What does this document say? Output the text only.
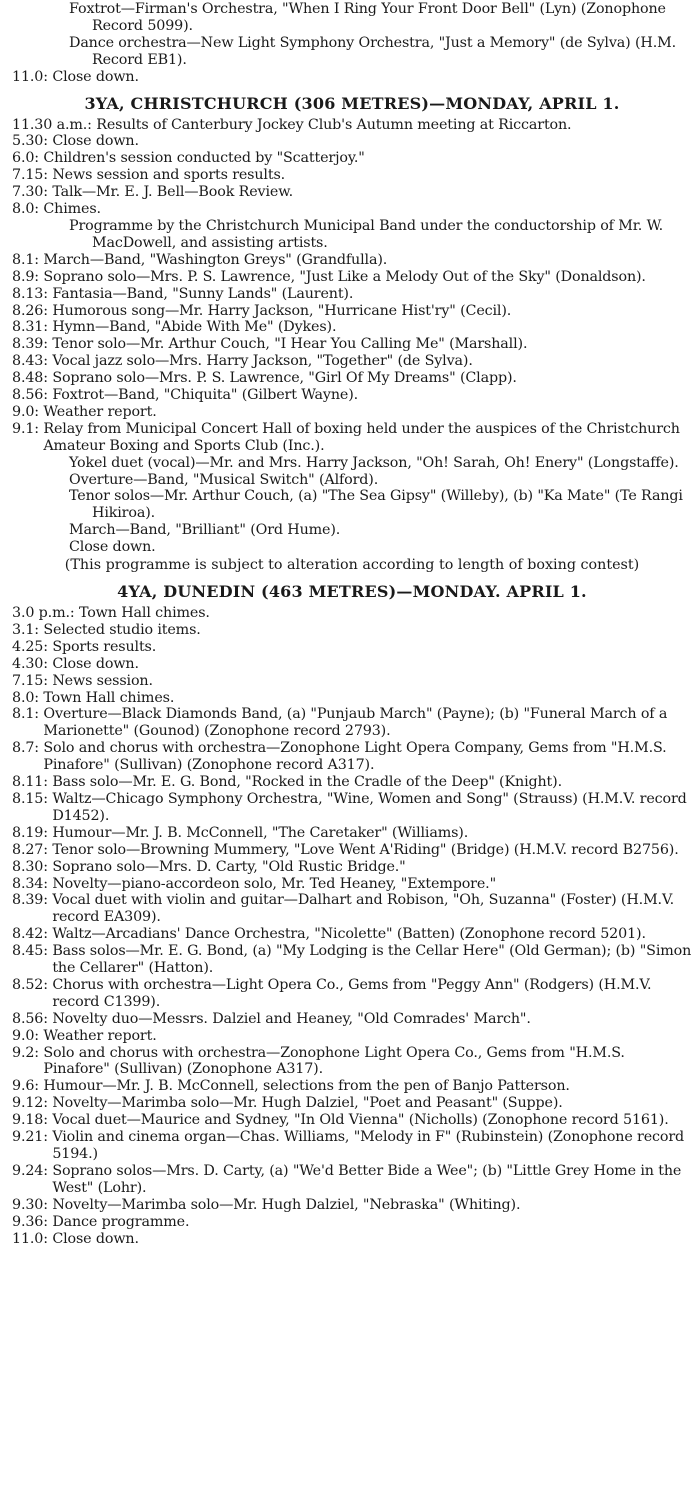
Foxtrot—Firman's Orchestra, "When I Ring Your Front Door Bell" (Lyn) (Zonophone Record 5099).
Dance orchestra—New Light Symphony Orchestra, "Just a Memory" (de Sylva) (H.M. Record EB1).
11.0:
Close down.
3YA, CHRISTCHURCH (306 METRES)—MONDAY, APRIL 1.
11.30 a.m.:
Results of Canterbury Jockey Club's Autumn meeting at Riccarton.
5.30:
Close down.
6.0:
Children's session conducted by "Scatterjoy."
7.15:
News session and sports results.
7.30:
Talk—Mr. E. J. Bell—Book Review.
8.0:
Chimes.
Programme by the Christchurch Municipal Band under the conductorship of Mr. W. MacDowell, and assisting artists.
8.1:
March—Band, "Washington Greys" (Grandfulla).
8.9:
Soprano solo—Mrs. P. S. Lawrence, "Just Like a Melody Out of the Sky" (Donaldson).
8.13:
Fantasia—Band, "Sunny Lands" (Laurent).
8.26:
Humorous song—Mr. Harry Jackson, "Hurricane Hist'ry" (Cecil).
8.31:
Hymn—Band, "Abide With Me" (Dykes).
8.39:
Tenor solo—Mr. Arthur Couch, "I Hear You Calling Me" (Marshall).
8.43:
Vocal jazz solo—Mrs. Harry Jackson, "Together" (de Sylva).
8.48:
Soprano solo—Mrs. P. S. Lawrence, "Girl Of My Dreams" (Clapp).
8.56:
Foxtrot—Band, "Chiquita" (Gilbert Wayne).
9.0:
Weather report.
9.1:
Relay from Municipal Concert Hall of boxing held under the auspices of the Christchurch Amateur Boxing and Sports Club (Inc.).
Yokel duet (vocal)—Mr. and Mrs. Harry Jackson, "Oh! Sarah, Oh! Enery" (Longstaffe).
Overture—Band, "Musical Switch" (Alford).
Tenor solos—Mr. Arthur Couch, (a) "The Sea Gipsy" (Willeby), (b) "Ka Mate" (Te Rangi Hikiroa).
March—Band, "Brilliant" (Ord Hume).
Close down.
(This programme is subject to alteration according to length of boxing contest)
4YA, DUNEDIN (463 METRES)—MONDAY. APRIL 1.
3.0 p.m.:
Town Hall chimes.
3.1:
Selected studio items.
4.25:
Sports results.
4.30:
Close down.
7.15:
News session.
8.0:
Town Hall chimes.
8.1:
Overture—Black Diamonds Band, (a) "Punjaub March" (Payne); (b) "Funeral March of a Marionette" (Gounod) (Zonophone record 2793).
8.7:
Solo and chorus with orchestra—Zonophone Light Opera Company, Gems from "H.M.S. Pinafore" (Sullivan) (Zonophone record A317).
8.11:
Bass solo—Mr. E. G. Bond, "Rocked in the Cradle of the Deep" (Knight).
8.15:
Waltz—Chicago Symphony Orchestra, "Wine, Women and Song" (Strauss) (H.M.V. record D1452).
8.19:
Humour—Mr. J. B. McConnell, "The Caretaker" (Williams).
8.27:
Tenor solo—Browning Mummery, "Love Went A'Riding" (Bridge) (H.M.V. record B2756).
8.30:
Soprano solo—Mrs. D. Carty, "Old Rustic Bridge."
8.34:
Novelty—piano-accordeon solo, Mr. Ted Heaney, "Extempore."
8.39:
Vocal duet with violin and guitar—Dalhart and Robison, "Oh, Suzanna" (Foster) (H.M.V. record EA309).
8.42:
Waltz—Arcadians' Dance Orchestra, "Nicolette" (Batten) (Zonophone record 5201).
8.45:
Bass solos—Mr. E. G. Bond, (a) "My Lodging is the Cellar Here" (Old German); (b) "Simon the Cellarer" (Hatton).
8.52:
Chorus with orchestra—Light Opera Co., Gems from "Peggy Ann" (Rodgers) (H.M.V. record C1399).
8.56:
Novelty duo—Messrs. Dalziel and Heaney, "Old Comrades' March".
9.0:
Weather report.
9.2:
Solo and chorus with orchestra—Zonophone Light Opera Co., Gems from "H.M.S. Pinafore" (Sullivan) (Zonophone A317).
9.6:
Humour—Mr. J. B. McConnell, selections from the pen of Banjo Patterson.
9.12:
Novelty—Marimba solo—Mr. Hugh Dalziel, "Poet and Peasant" (Suppe).
9.18:
Vocal duet—Maurice and Sydney, "In Old Vienna" (Nicholls) (Zonophone record 5161).
9.21:
Violin and cinema organ—Chas. Williams, "Melody in F" (Rubinstein) (Zonophone record 5194.)
9.24:
Soprano solos—Mrs. D. Carty, (a) "We'd Better Bide a Wee"; (b) "Little Grey Home in the West" (Lohr).
9.30:
Novelty—Marimba solo—Mr. Hugh Dalziel, "Nebraska" (Whiting).
9.36:
Dance programme.
11.0:
Close down.
